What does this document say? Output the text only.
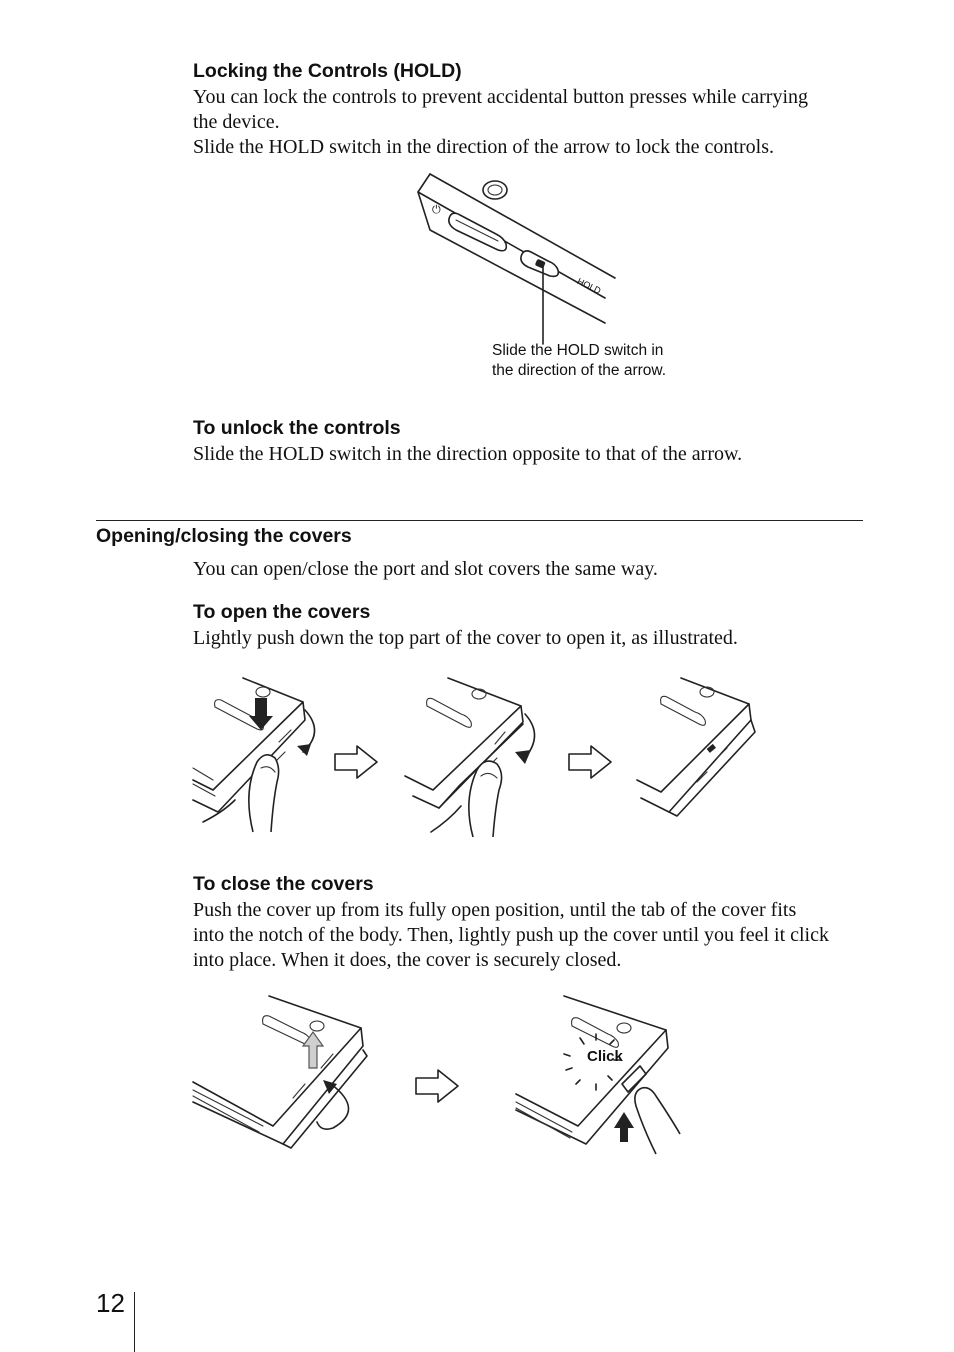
Locking the Controls (HOLD)

You can lock the controls to prevent accidental button presses while carrying

the device.

Slide the HOLD switch in the direction of the arrow to lock the controls.

⏻
HOLD
Slide the HOLD switch in
the direction of the arrow.
To unlock the controls

Slide the HOLD switch in the direction opposite to that of the arrow.

Opening/closing the covers

You can open/close the port and slot covers the same way.

To open the covers

Lightly push down the top part of the cover to open it, as illustrated.

To close the covers

Push the cover up from its fully open position, until the tab of the cover fits

into the notch of the body. Then, lightly push up the cover until you feel it click

into place. When it does, the cover is securely closed.

Click
12
